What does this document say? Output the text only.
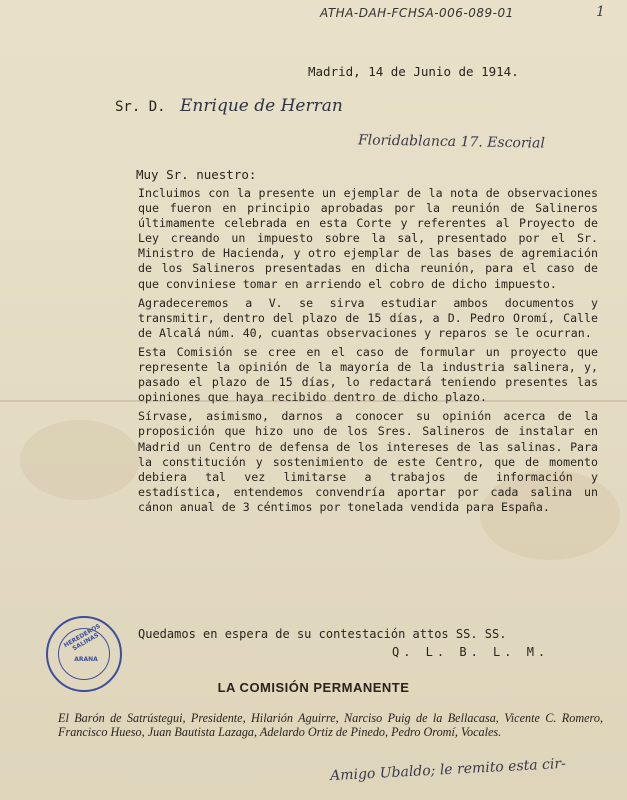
ATHA-DAH-FCHSA-006-089-01	1
Madrid, 14 de Junio de 1914.
Sr. D. Enrique de Herran
Floridablanca 17. Escorial
Muy Sr. nuestro:

Incluimos con la presente un ejemplar de la nota de observaciones que fueron en principio aprobadas por la reunión de Salineros últimamente celebrada en esta Corte y referentes al Proyecto de Ley creando un impuesto sobre la sal, presentado por el Sr. Ministro de Hacienda, y otro ejemplar de las bases de agremiación de los Salineros presentadas en dicha reunión, para el caso de que conviniese tomar en arriendo el cobro de dicho impuesto.

Agradeceremos a V. se sirva estudiar ambos documentos y transmitir, dentro del plazo de 15 días, a D. Pedro Oromí, Calle de Alcalá núm. 40, cuantas observaciones y reparos se le ocurran.

Esta Comisión se cree en el caso de formular un proyecto que represente la opinión de la mayoría de la industria salinera, y, pasado el plazo de 15 días, lo redactará teniendo presentes las opiniones que haya recibido dentro de dicho plazo.

Sírvase, asimismo, darnos a conocer su opinión acerca de la proposición que hizo uno de los Sres. Salineros de instalar en Madrid un Centro de defensa de los intereses de las salinas. Para la constitución y sostenimiento de este Centro, que de momento debiera tal vez limitarse a trabajos de información y estadística, entendemos convendría aportar por cada salina un cánon anual de 3 céntimos por tonelada vendida para España.

Quedamos en espera de su contestación attos SS. SS.
Q. L. B. L. M.
HEREDEROS SALINAS
ARANA
LA COMISIÓN PERMANENTE
El Barón de Satrústegui, Presidente, Hilarión Aguirre, Narciso Puig de la Bellacasa, Vicente C. Romero, Francisco Hueso, Juan Bautista Lazaga, Adelardo Ortiz de Pinedo, Pedro Oromí, Vocales.
Amigo Ubaldo; le remito esta cir-
